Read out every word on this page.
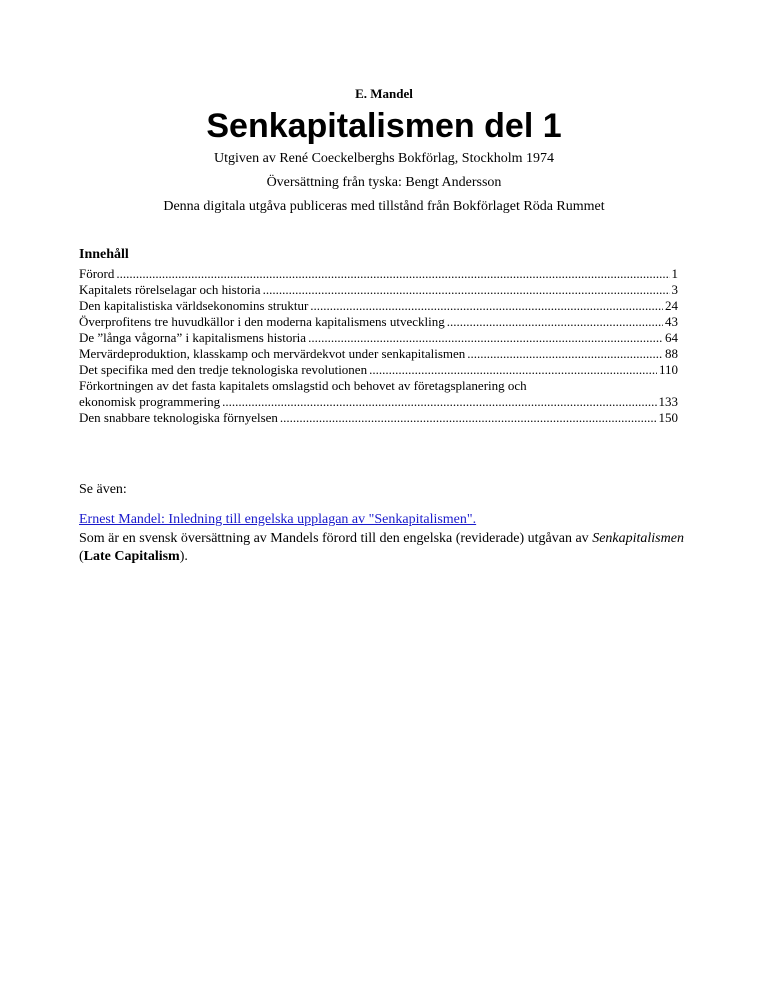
E. Mandel
Senkapitalismen del 1
Utgiven av René Coeckelberghs Bokförlag, Stockholm 1974
Översättning från tyska: Bengt Andersson
Denna digitala utgåva publiceras med tillstånd från Bokförlaget Röda Rummet
Innehåll
Förord .....	1
Kapitalets rörelselagar och historia .....	3
Den kapitalistiska världsekonomins struktur .....	24
Överprofitens tre huvudkällor i den moderna kapitalismens utveckling .....	43
De ”långa vågorna” i kapitalismens historia .....	64
Mervärdeproduktion, klasskamp och mervärdekvot under senkapitalismen .....	88
Det specifika med den tredje teknologiska revolutionen .....	110
Förkortningen av det fasta kapitalets omslagstid och behovet av företagsplanering och
ekonomisk programmering .....	133
Den snabbare teknologiska förnyelsen .....	150
Se även:
Ernest Mandel: Inledning till engelska upplagan av "Senkapitalismen".
Som är en svensk översättning av Mandels förord till den engelska (reviderade) utgåvan av Senkapitalismen (Late Capitalism).
